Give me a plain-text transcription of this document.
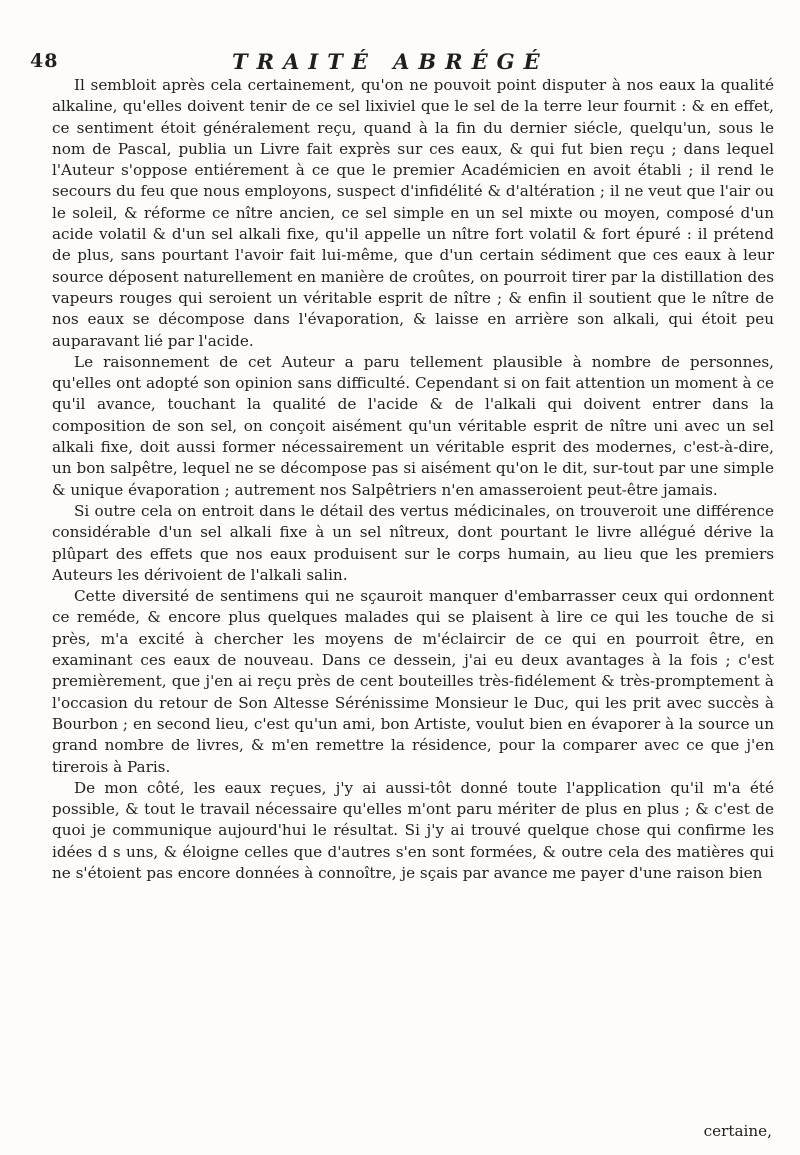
48	TRAITÉ ABRÉGÉ

Il sembloit après cela certainement, qu'on ne pouvoit point disputer à nos eaux la qualité alkaline, qu'elles doivent tenir de ce sel lixiviel que le sel de la terre leur fournit : & en effet, ce sentiment étoit généralement reçu, quand à la fin du dernier siécle, quelqu'un, sous le nom de Pascal, publia un Livre fait exprès sur ces eaux, & qui fut bien reçu ; dans lequel l'Auteur s'oppose entiérement à ce que le premier Académicien en avoit établi ; il rend le secours du feu que nous employons, suspect d'infidélité & d'altération ; il ne veut que l'air ou le soleil, & réforme ce nître ancien, ce sel simple en un sel mixte ou moyen, composé d'un acide volatil & d'un sel alkali fixe, qu'il appelle un nître fort volatil & fort épuré : il prétend de plus, sans pourtant l'avoir fait lui-même, que d'un certain sédiment que ces eaux à leur source déposent naturellement en manière de croûtes, on pourroit tirer par la distillation des vapeurs rouges qui seroient un véritable esprit de nître ; & enfin il soutient que le nître de nos eaux se décompose dans l'évaporation, & laisse en arrière son alkali, qui étoit peu auparavant lié par l'acide.

Le raisonnement de cet Auteur a paru tellement plausible à nombre de personnes, qu'elles ont adopté son opinion sans difficulté. Cependant si on fait attention un moment à ce qu'il avance, touchant la qualité de l'acide & de l'alkali qui doivent entrer dans la composition de son sel, on conçoit aisément qu'un véritable esprit de nître uni avec un sel alkali fixe, doit aussi former nécessairement un véritable esprit des modernes, c'est-à-dire, un bon salpêtre, lequel ne se décompose pas si aisément qu'on le dit, sur-tout par une simple & unique évaporation ; autrement nos Salpêtriers n'en amasseroient peut-être jamais.

Si outre cela on entroit dans le détail des vertus médicinales, on trouveroit une différence considérable d'un sel alkali fixe à un sel nîtreux, dont pourtant le livre allégué dérive la plûpart des effets que nos eaux produisent sur le corps humain, au lieu que les premiers Auteurs les dérivoient de l'alkali salin.

Cette diversité de sentimens qui ne sçauroit manquer d'embarrasser ceux qui ordonnent ce reméde, & encore plus quelques malades qui se plaisent à lire ce qui les touche de si près, m'a excité à chercher les moyens de m'éclaircir de ce qui en pourroit être, en examinant ces eaux de nouveau. Dans ce dessein, j'ai eu deux avantages à la fois ; c'est premièrement, que j'en ai reçu près de cent bouteilles très-fidélement & très-promptement à l'occasion du retour de Son Altesse Sérénissime Monsieur le Duc, qui les prit avec succès à Bourbon ; en second lieu, c'est qu'un ami, bon Artiste, voulut bien en évaporer à la source un grand nombre de livres, & m'en remettre la résidence, pour la comparer avec ce que j'en tirerois à Paris.

De mon côté, les eaux reçues, j'y ai aussi-tôt donné toute l'application qu'il m'a été possible, & tout le travail nécessaire qu'elles m'ont paru mériter de plus en plus ; & c'est de quoi je communique aujourd'hui le résultat. Si j'y ai trouvé quelque chose qui confirme les idées d s uns, & éloigne celles que d'autres s'en sont formées, & outre cela des matières qui ne s'étoient pas encore données à connoître, je sçais par avance me payer d'une raison bien

certaine,
